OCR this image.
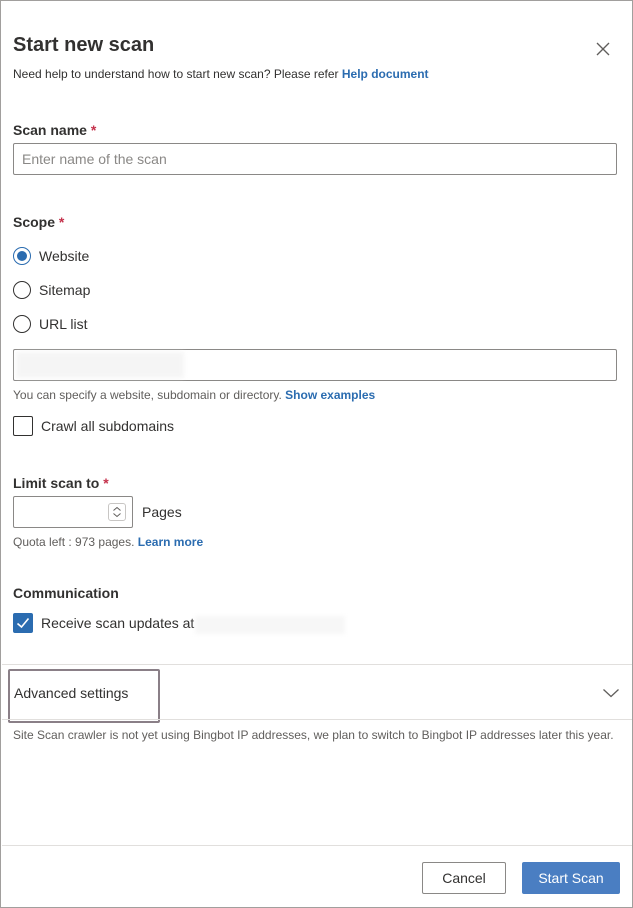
Start new scan
Need help to understand how to start new scan? Please refer Help document
Scan name *
Enter name of the scan
Scope *
Website
Sitemap
URL list
You can specify a website, subdomain or directory. Show examples
Crawl all subdomains
Limit scan to *
Pages
Quota left : 973 pages. Learn more
Communication
Receive scan updates at
Advanced settings
Site Scan crawler is not yet using Bingbot IP addresses, we plan to switch to Bingbot IP addresses later this year.
Cancel	Start Scan
